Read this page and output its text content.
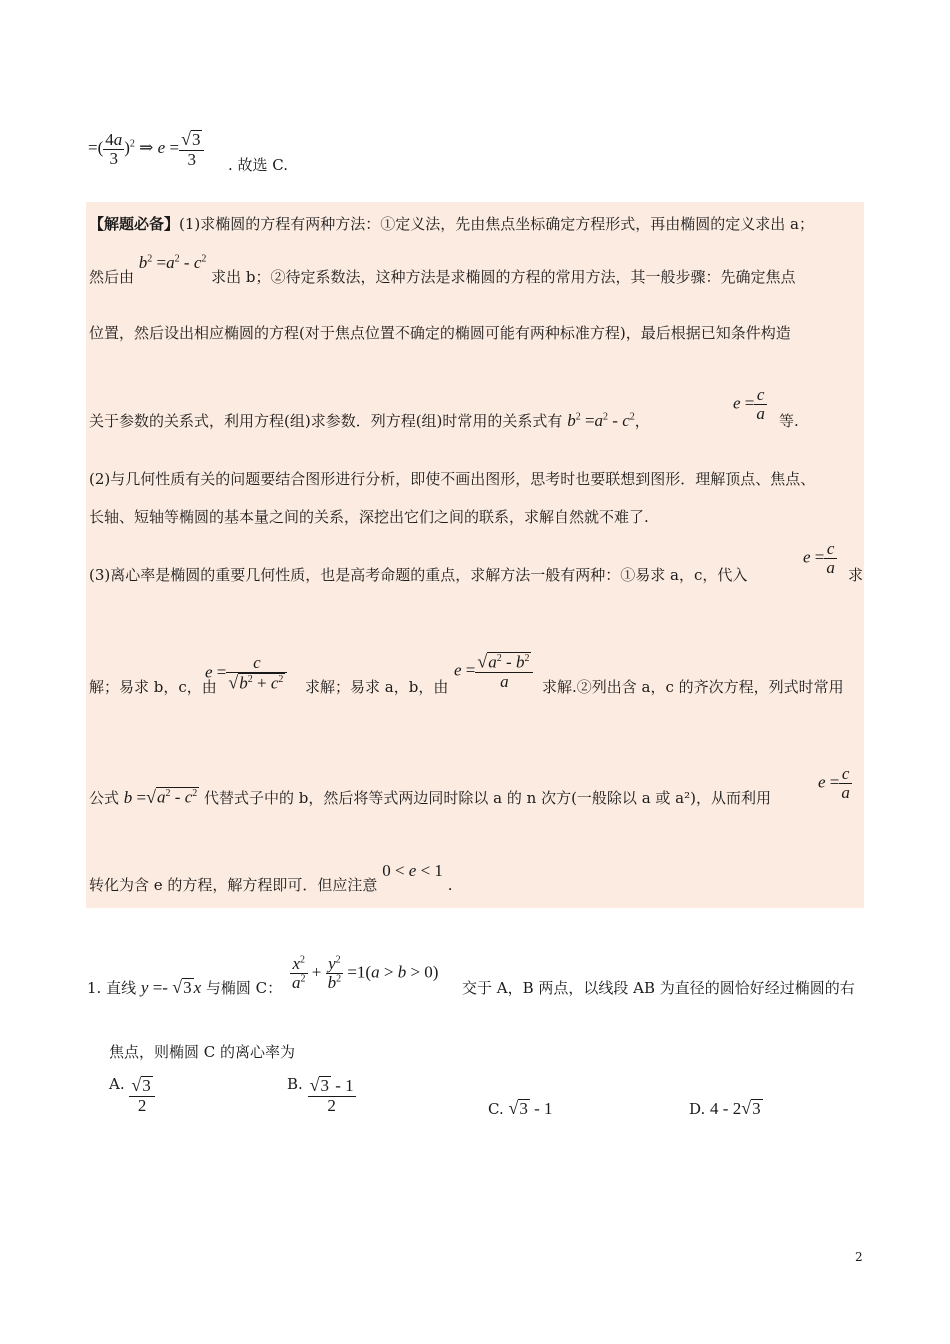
=( $\frac{4a}{3} )^2$ ⇒ $e = \frac{√3}{3}$ . 故选 C.
【解题必备】(1)求椭圆的方程有两种方法：①定义法，先由焦点坐标确定方程形式，再由椭圆的定义求出 a；
然后由 $b^2 =a^2 - c^2$ 求出 b；②待定系数法，这种方法是求椭圆的方程的常用方法，其一般步骤：先确定焦点
位置，然后设出相应椭圆的方程(对于焦点位置不确定的椭圆可能有两种标准方程)，最后根据已知条件构造
关于参数的关系式，利用方程(组)求参数．列方程(组)时常用的关系式有 $b^2 =a^2 - c^2$，
$e = \frac{c}{a}$ 等.
(2)与几何性质有关的问题要结合图形进行分析，即使不画出图形，思考时也要联想到图形．理解顶点、焦点、
长轴、短轴等椭圆的基本量之间的关系，深挖出它们之间的联系，求解自然就不难了.
(3)离心率是椭圆的重要几何性质，也是高考命题的重点，求解方法一般有两种：①易求 a，c，代入
$e = \frac{c}{a}$ 求
解；易求 b，c，由
$e = \frac{c}{√b^2 + c^2}$ 求解；易求 a，b，由
$e = \frac{√a^2 - b^2}{a}$ 求解.②列出含 a，c 的齐次方程，列式时常用
公式 $b =√a^2 - c^2$ 代替式子中的 b，然后将等式两边同时除以 a 的 n 次方(一般除以 a 或 a²)，从而利用
$e = \frac{c}{a}$
转化为含 e 的方程，解方程即可．但应注意 0 < e < 1 .
1. 直线 y =- √3 x 与椭圆 C： $\frac{x^2}{a^2} + \frac{y^2}{b^2} =1(a > b > 0)$
交于 A，B 两点，以线段 AB 为直径的圆恰好经过椭圆的右
焦点，则椭圆 C 的离心率为
A. $\frac{√3}{2}$	B. $\frac{√3 - 1}{2}$	C. √3 - 1	D. 4 - 2√3
2
